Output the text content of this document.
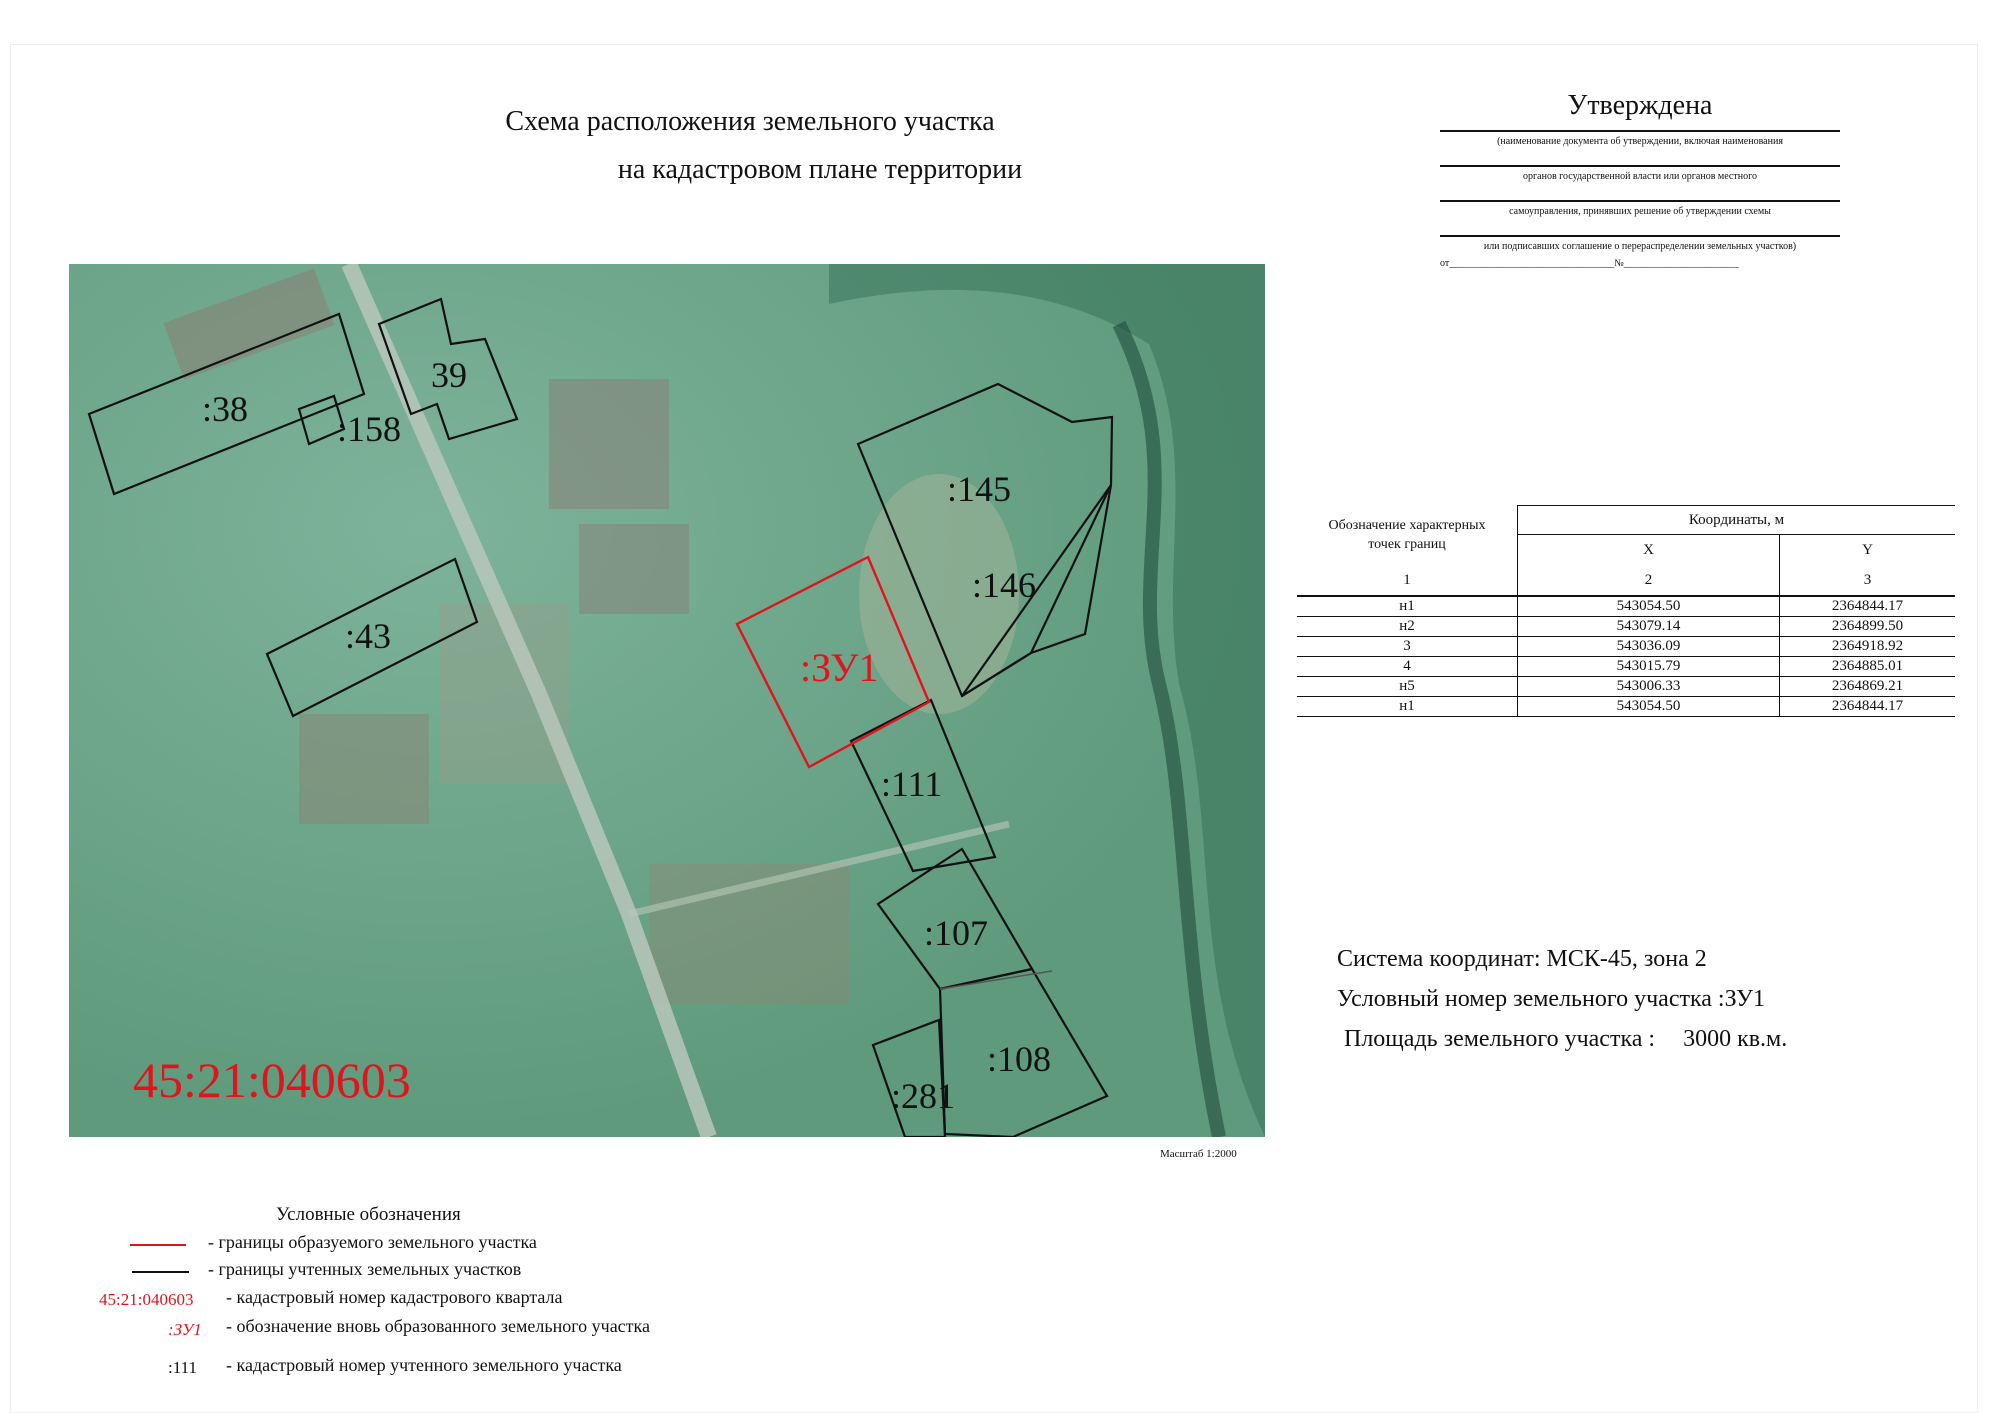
Схема расположения земельного участка
на кадастровом плане территории
Утверждена
(наименование документа об утверждении, включая наименования
органов государственной власти или органов местного
самоуправления, принявших решение об утверждении схемы
или подписавших соглашение о перераспределении земельных участков)
от_________________________________№_______________________
:38 :158
39
:43
:145
:146
:111
:107
:108
:281
:ЗУ1
45:21:040603
Масштаб 1:2000
Обозначение характерных
точек границ	Координаты, м	
	X	Y
1	2	3
н1	543054.50	2364844.17
н2	543079.14	2364899.50
3	543036.09	2364918.92
4	543015.79	2364885.01
н5	543006.33	2364869.21
н1	543054.50	2364844.17
Система координат: МСК-45, зона 2
Условный номер земельного участка :ЗУ1
Площадь земельного участка : 3000 кв.м.
Условные обозначения
- границы образуемого земельного участка
- границы учтенных земельных участков
45:21:040603 - кадастровый номер кадастрового квартала
:ЗУ1 - обозначение вновь образованного земельного участка
:111 - кадастровый номер учтенного земельного участка
